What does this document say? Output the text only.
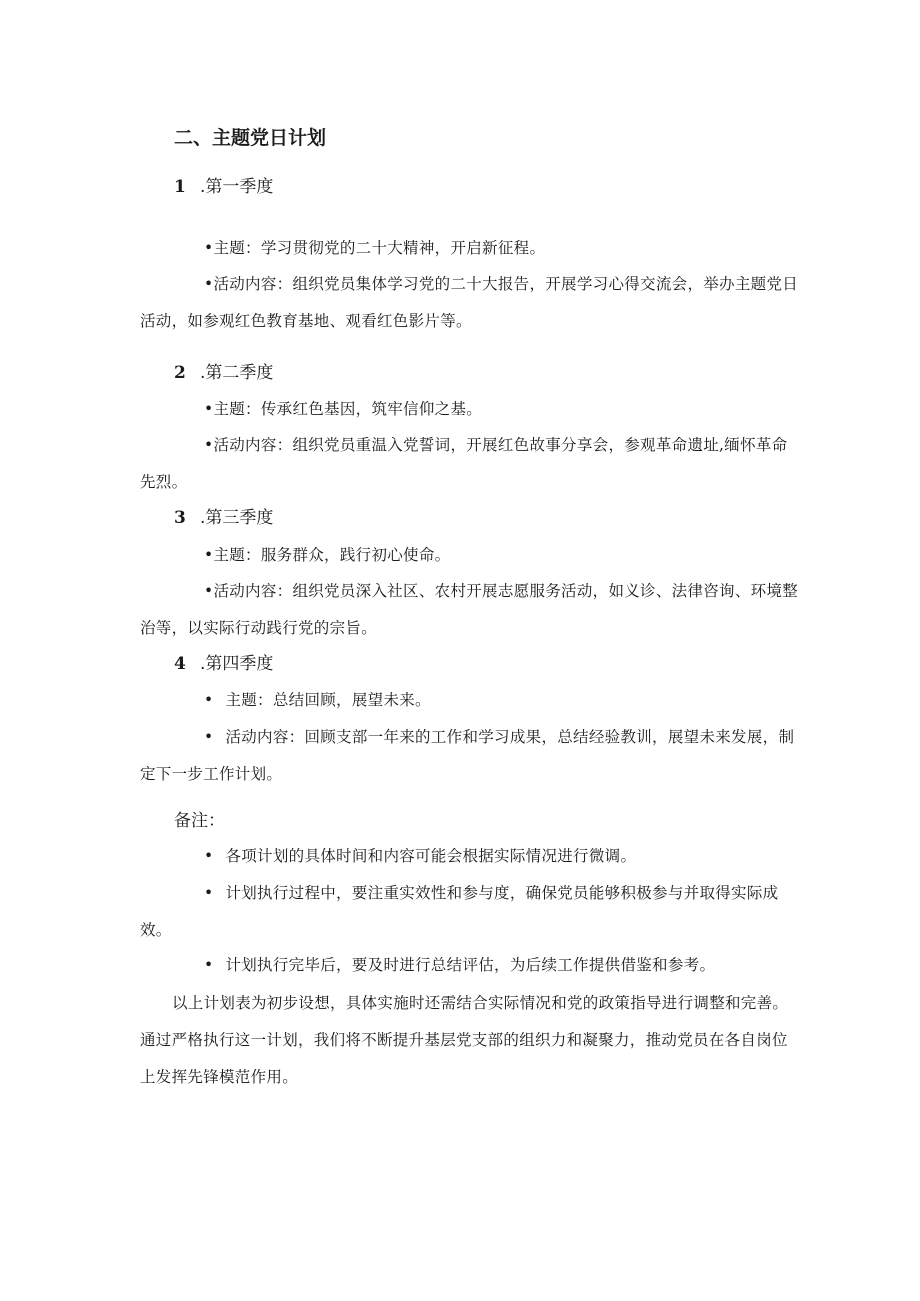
二、主题党日计划
1 .第一季度

•主题：学习贯彻党的二十大精神，开启新征程。

•活动内容：组织党员集体学习党的二十大报告，开展学习心得交流会，举办主题党日活动，如参观红色教育基地、观看红色影片等。

2 .第二季度

•主题：传承红色基因，筑牢信仰之基。

•活动内容：组织党员重温入党誓词，开展红色故事分享会，参观革命遗址,缅怀革命先烈。

3 .第三季度

•主题：服务群众，践行初心使命。

•活动内容：组织党员深入社区、农村开展志愿服务活动，如义诊、法律咨询、环境整治等，以实际行动践行党的宗旨。

4 .第四季度

• 主题：总结回顾，展望未来。

• 活动内容：回顾支部一年来的工作和学习成果，总结经验教训，展望未来发展，制定下一步工作计划。

备注：

• 各项计划的具体时间和内容可能会根据实际情况进行微调。

• 计划执行过程中，要注重实效性和参与度，确保党员能够积极参与并取得实际成效。

• 计划执行完毕后，要及时进行总结评估，为后续工作提供借鉴和参考。

以上计划表为初步设想，具体实施时还需结合实际情况和党的政策指导进行调整和完善。通过严格执行这一计划，我们将不断提升基层党支部的组织力和凝聚力，推动党员在各自岗位上发挥先锋模范作用。
